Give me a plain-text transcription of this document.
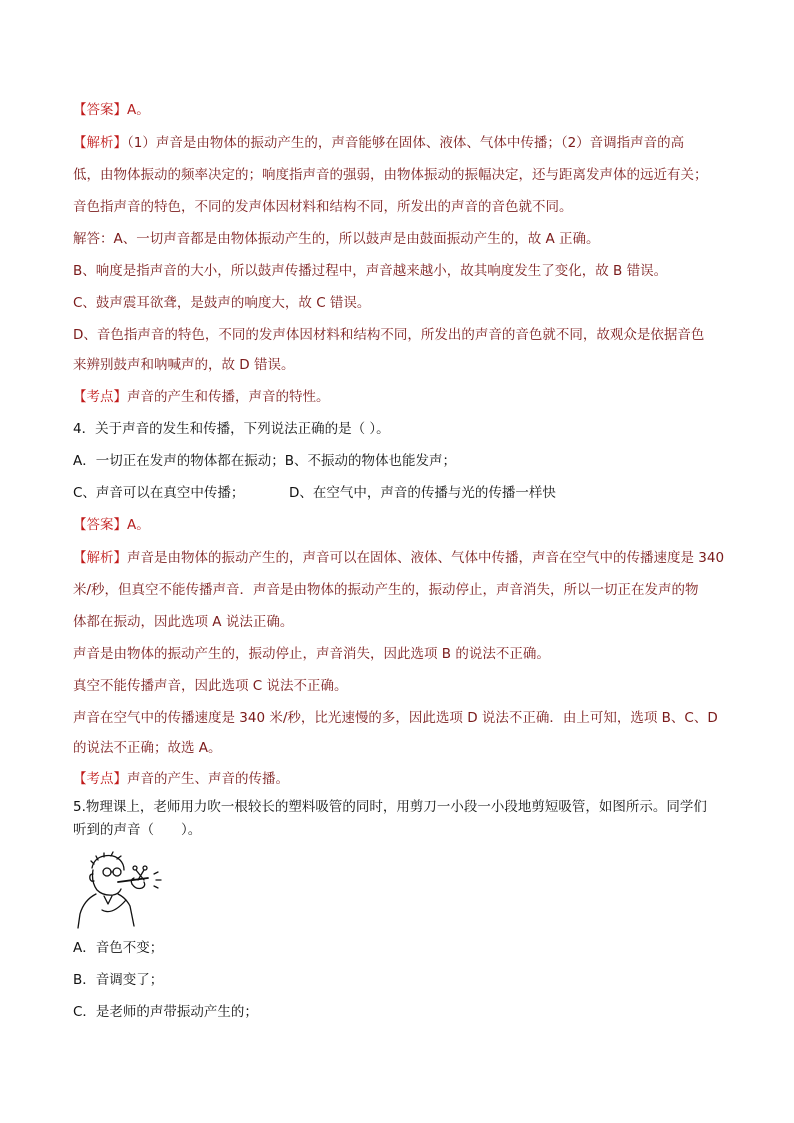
【答案】A。
【解析】（1）声音是由物体的振动产生的，声音能够在固体、液体、气体中传播；（2）音调指声音的高
低，由物体振动的频率决定的；响度指声音的强弱，由物体振动的振幅决定，还与距离发声体的远近有关；
音色指声音的特色，不同的发声体因材料和结构不同，所发出的声音的音色就不同。
解答：A、一切声音都是由物体振动产生的，所以鼓声是由鼓面振动产生的，故 A 正确。
B、响度是指声音的大小，所以鼓声传播过程中，声音越来越小，故其响度发生了变化，故 B 错误。
C、鼓声震耳欲聋，是鼓声的响度大，故 C 错误。
D、音色指声音的特色，不同的发声体因材料和结构不同，所发出的声音的音色就不同，故观众是依据音色
来辨别鼓声和呐喊声的，故 D 错误。
【考点】声音的产生和传播，声音的特性。
4．关于声音的发生和传播，下列说法正确的是（ ）。
A．一切正在发声的物体都在振动；B、不振动的物体也能发声；
C、声音可以在真空中传播；	D、在空气中，声音的传播与光的传播一样快
【答案】A。
【解析】声音是由物体的振动产生的，声音可以在固体、液体、气体中传播，声音在空气中的传播速度是 340
米/秒，但真空不能传播声音．声音是由物体的振动产生的，振动停止，声音消失，所以一切正在发声的物
体都在振动，因此选项 A 说法正确。
声音是由物体的振动产生的，振动停止，声音消失，因此选项 B 的说法不正确。
真空不能传播声音，因此选项 C 说法不正确。
声音在空气中的传播速度是 340 米/秒，比光速慢的多，因此选项 D 说法不正确．由上可知，选项 B、C、D
的说法不正确；故选 A。
【考点】声音的产生、声音的传播。
5.物理课上，老师用力吹一根较长的塑料吸管的同时，用剪刀一小段一小段地剪短吸管，如图所示。同学们
听到的声音（　　）。
A．音色不变；
B．音调变了；
C．是老师的声带振动产生的；
